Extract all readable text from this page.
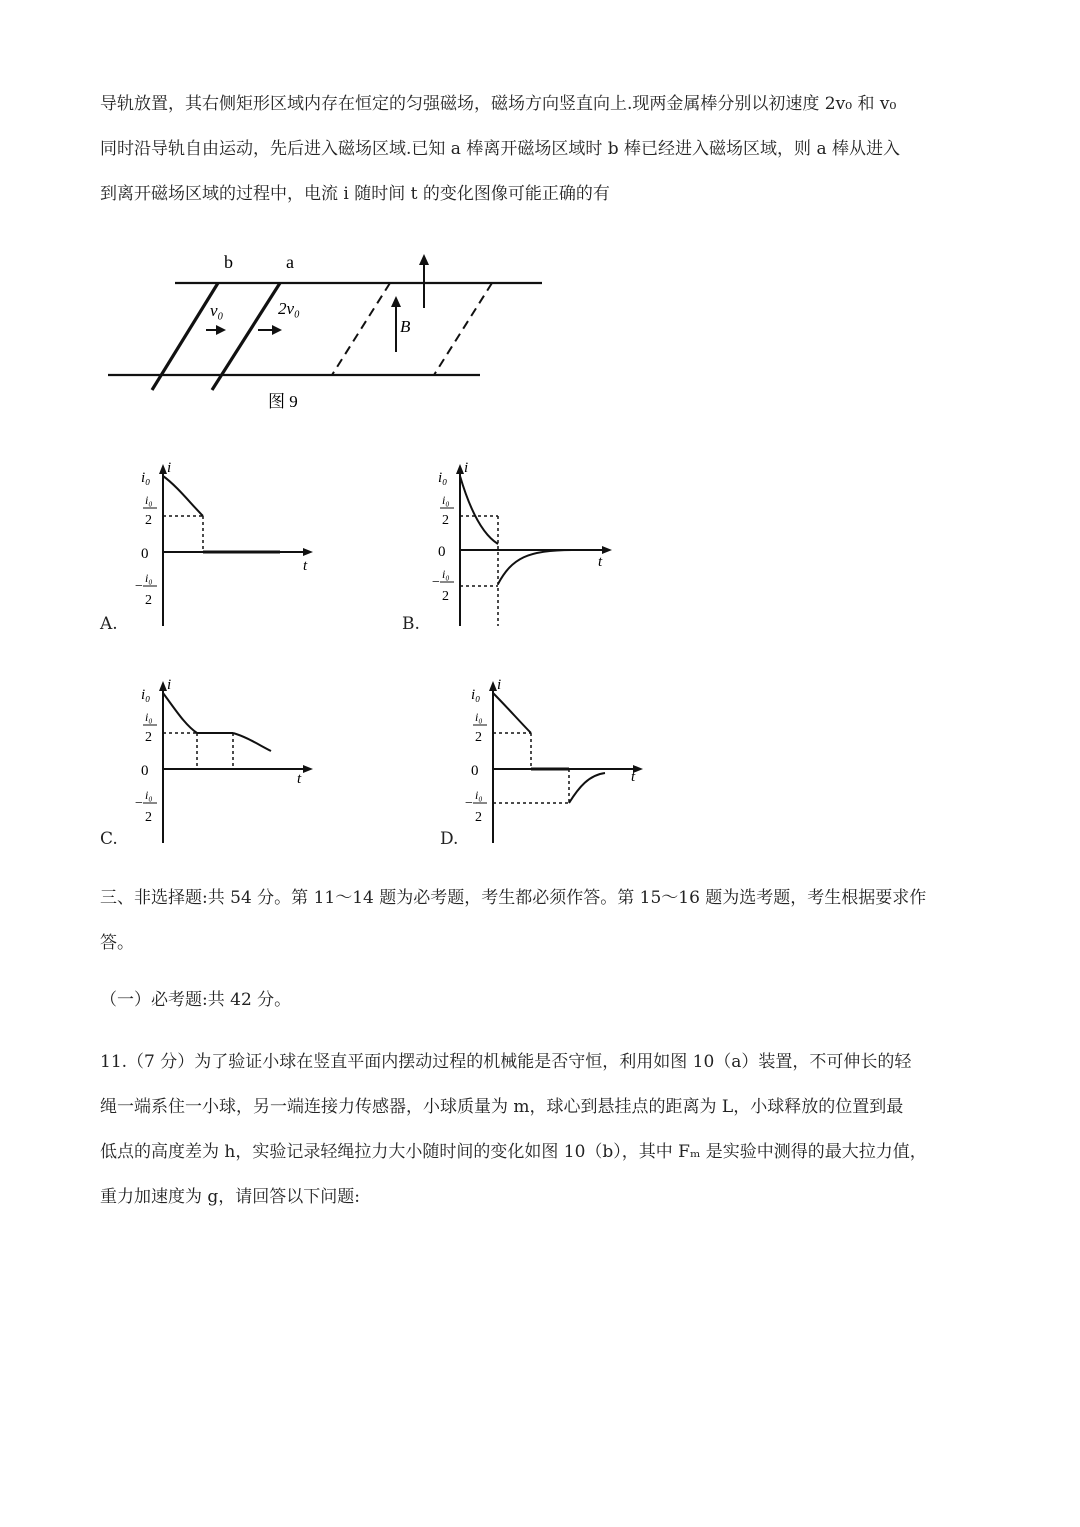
导轨放置，其右侧矩形区域内存在恒定的匀强磁场，磁场方向竖直向上.现两金属棒分别以初速度 2v₀ 和 v₀
同时沿导轨自由运动，先后进入磁场区域.已知 a 棒离开磁场区域时 b 棒已经进入磁场区域，则 a 棒从进入
到离开磁场区域的过程中，电流 i 随时间 t 的变化图像可能正确的有
b	a
v₀	2v₀
B
图 9
i₀
i
i₀
2
0
t
−
i₀
2
A.
i₀
i
i₀
2
0
t
−
i₀
2
B.
i₀
i
i₀
2
0	t
−
i₀
2
C.
i₀
i
i₀
2
0	t
−
i₀
2
D.
三、非选择题:共 54 分。第 11～14 题为必考题，考生都必须作答。第 15～16 题为选考题，考生根据要求作
答。
（一）必考题:共 42 分。
11.（7 分）为了验证小球在竖直平面内摆动过程的机械能是否守恒，利用如图 10（a）装置，不可伸长的轻
绳一端系住一小球，另一端连接力传感器，小球质量为 m，球心到悬挂点的距离为 L，小球释放的位置到最
低点的高度差为 h，实验记录轻绳拉力大小随时间的变化如图 10（b），其中 Fₘ 是实验中测得的最大拉力值，
重力加速度为 g，请回答以下问题:
